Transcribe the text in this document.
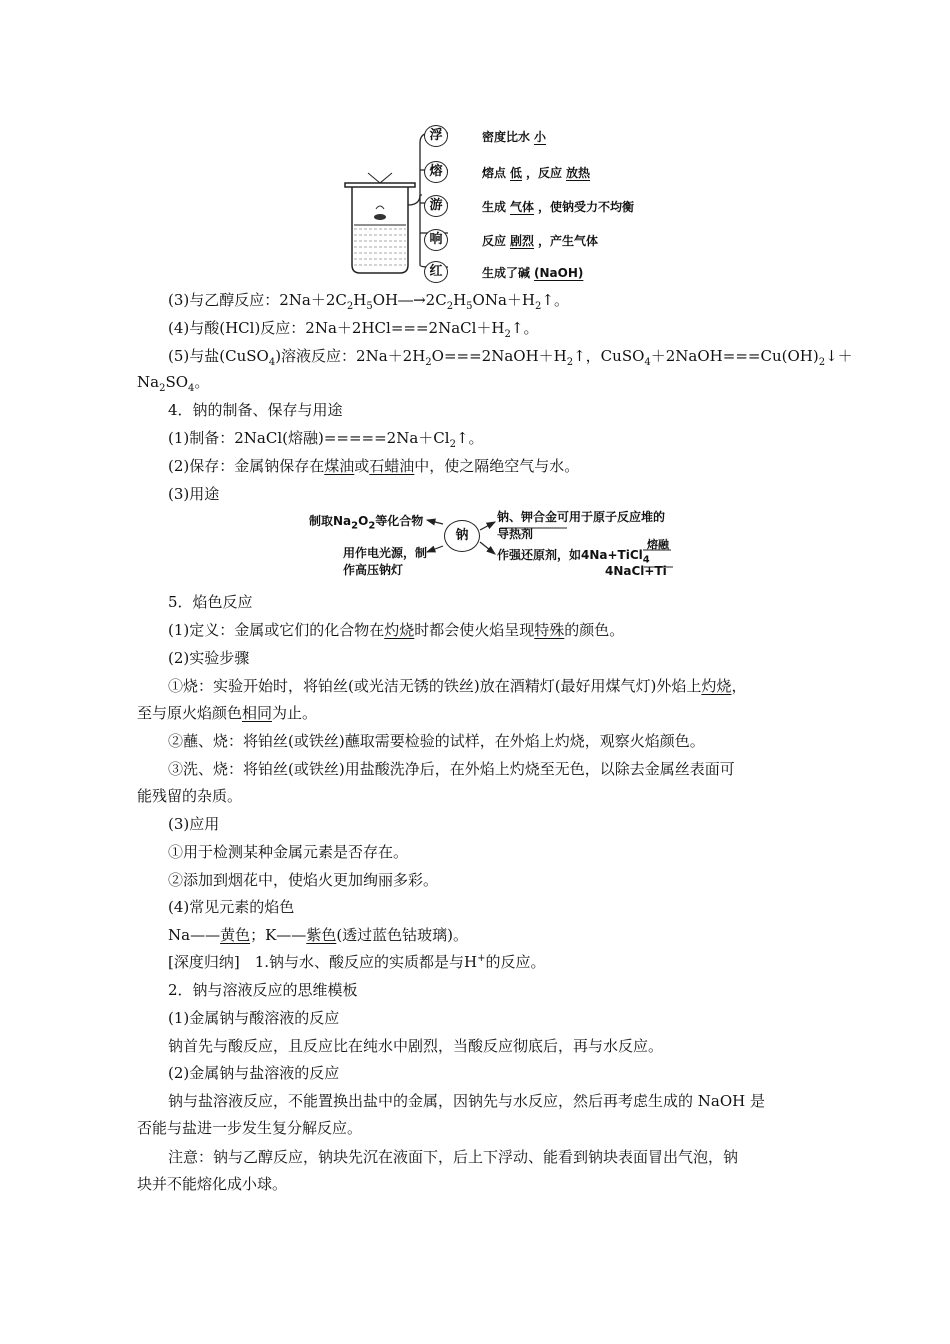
浮	密度比水 小
熔	熔点 低 ，反应 放热
游	生成 气体 ，使钠受力不均衡
响	反应 剧烈 ，产生气体
红	生成了碱 (NaOH)
(3)与乙醇反应：$2Na+2C_2H_5OH―\to 2C_2H_5ONa+H_2↑$。
(4)与酸(HCl)反应：$2Na+2HCl===2NaCl+H_2↑$。
(5)与盐(CuSO$_4$)溶液反应：$2Na+2H_2O===2NaOH+H_2↑$，$CuSO_4+2NaOH===Cu(OH)_2↓+$
$Na_2SO_4$。
4．钠的制备、保存与用途
(1)制备：2NaCl(熔融)$=====2Na+Cl_2↑$。
(2)保存：金属钠保存在煤油或石蜡油中，使之隔绝空气与水。
(3)用途
钠
制取$Na_2O_2$等化合物
用作电光源，制
作高压钠灯
钠、钾合金可用于原子反应堆的
导热剂
作强还原剂，如4Na+TiCl$_4$
熔融
4NaCl+Ti
5．焰色反应
(1)定义：金属或它们的化合物在灼烧时都会使火焰呈现特殊的颜色。
(2)实验步骤
①烧：实验开始时，将铂丝(或光洁无锈的铁丝)放在酒精灯(最好用煤气灯)外焰上灼烧，
至与原火焰颜色相同为止。
②蘸、烧：将铂丝(或铁丝)蘸取需要检验的试样，在外焰上灼烧，观察火焰颜色。
③洗、烧：将铂丝(或铁丝)用盐酸洗净后，在外焰上灼烧至无色，以除去金属丝表面可
能残留的杂质。
(3)应用
①用于检测某种金属元素是否存在。
②添加到烟花中，使焰火更加绚丽多彩。
(4)常见元素的焰色
Na——黄色；K——紫色(透过蓝色钴玻璃)。
[深度归纳]　1.钠与水、酸反应的实质都是与H+的反应。
2．钠与溶液反应的思维模板
(1)金属钠与酸溶液的反应
钠首先与酸反应，且反应比在纯水中剧烈，当酸反应彻底后，再与水反应。
(2)金属钠与盐溶液的反应
钠与盐溶液反应，不能置换出盐中的金属，因钠先与水反应，然后再考虑生成的 NaOH 是
否能与盐进一步发生复分解反应。
注意：钠与乙醇反应，钠块先沉在液面下，后上下浮动、能看到钠块表面冒出气泡，钠
块并不能熔化成小球。
